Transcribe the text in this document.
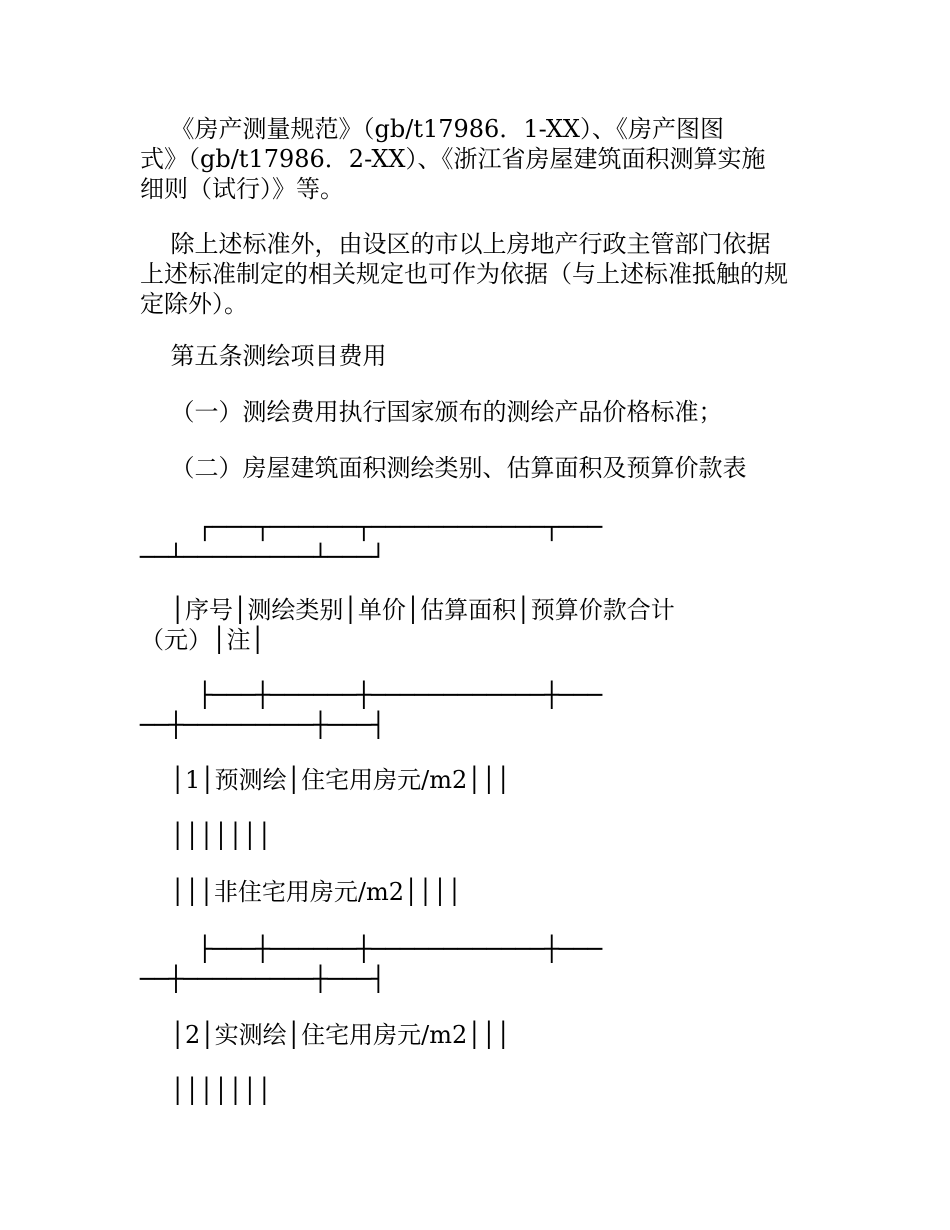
《房产测量规范》（gb/t17986．1-XX）、《房产图图
式》（gb/t17986．2-XX）、《浙江省房屋建筑面积测算实施
细则（试行）》等。
除上述标准外，由设区的市以上房地产行政主管部门依据
上述标准制定的相关规定也可作为依据（与上述标准抵触的规
定除外）。
第五条测绘项目费用
（一）测绘费用执行国家颁布的测绘产品价格标准；
（二）房屋建筑面积测绘类别、估算面积及预算价款表
┌───┬──────┬────────────┬───
──┴─────────┴───┘
│序号│测绘类别│单价│估算面积│预算价款合计
（元）│注│
├───┼──────┼────────────┼───
──┼─────────┼───┤
│1│预测绘│住宅用房元/m2│││
│││││││
│││非住宅用房元/m2││││
├───┼──────┼────────────┼───
──┼─────────┼───┤
│2│实测绘│住宅用房元/m2│││
│││││││
